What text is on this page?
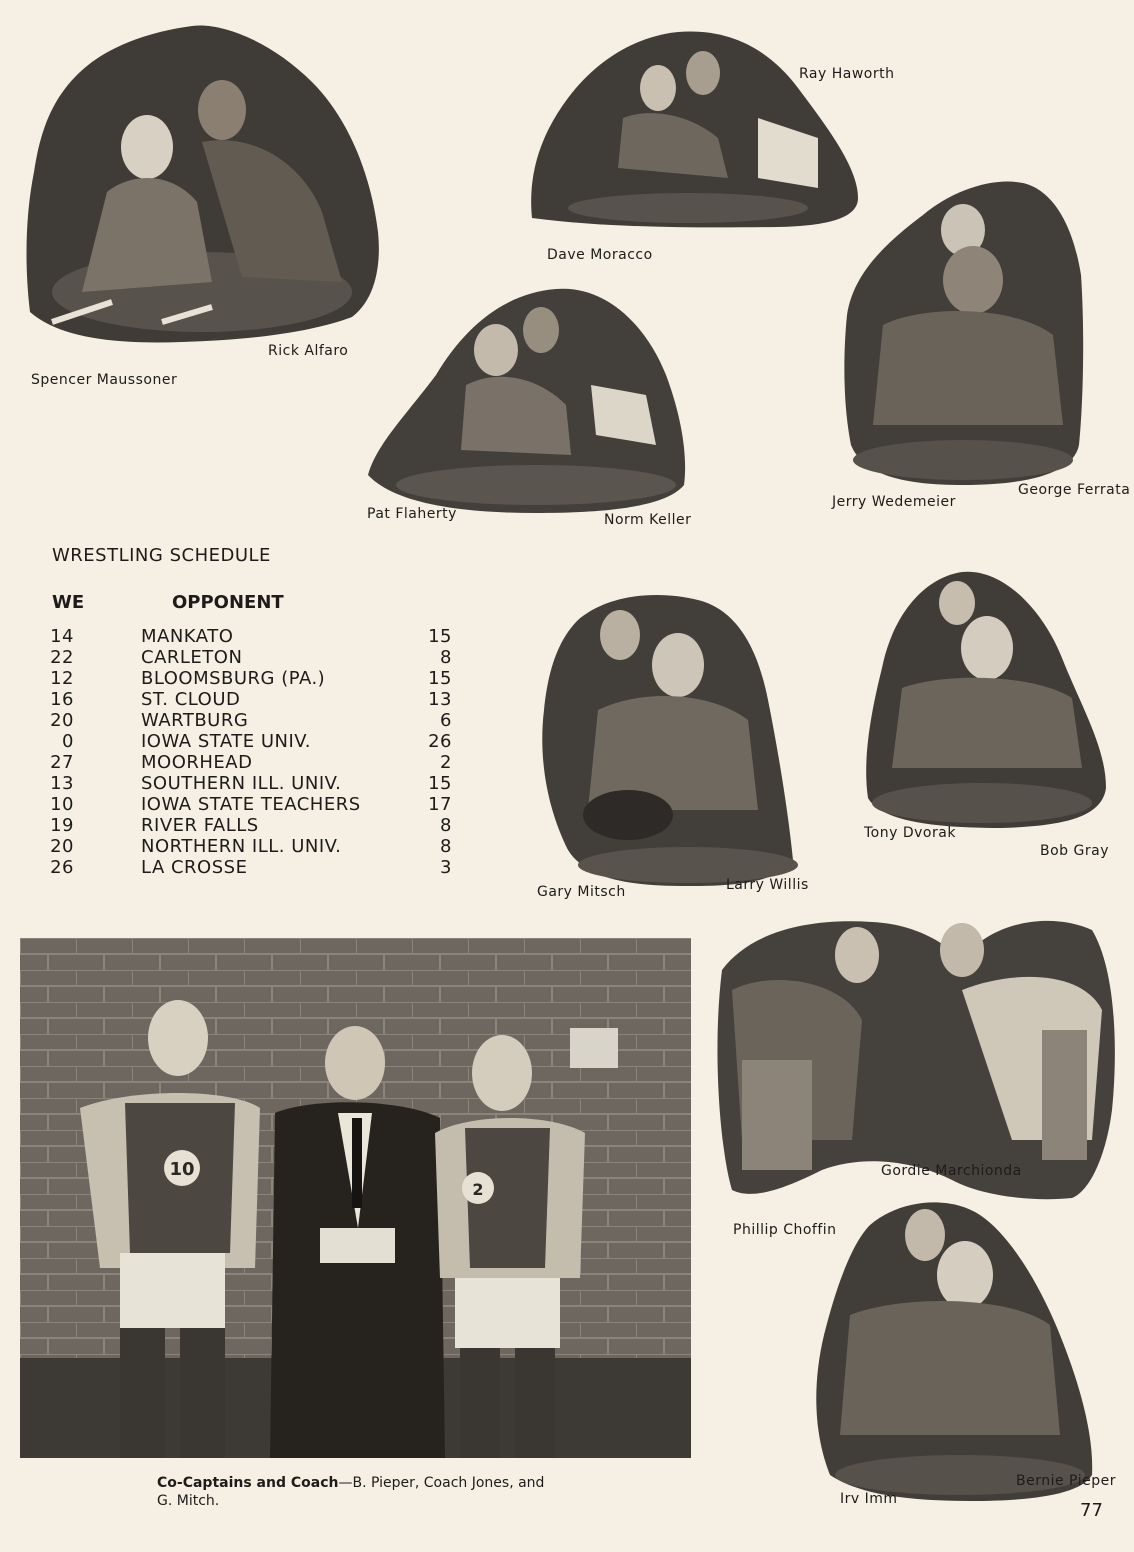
Spencer Maussoner
Rick Alfaro
Ray Haworth
Dave Moracco
Pat Flaherty	Norm Keller
Jerry Wedemeier
George Ferrata
WRESTLING SCHEDULE
WE	OPPONENT
14	MANKATO	15
22	CARLETON	8
12	BLOOMSBURG (PA.)	15
16	ST. CLOUD	13
20	WARTBURG	6
0	IOWA STATE UNIV.	26
27	MOORHEAD	2
13	SOUTHERN ILL. UNIV.	15
10	IOWA STATE TEACHERS	17
19	RIVER FALLS	8
20	NORTHERN ILL. UNIV.	8
26	LA CROSSE	3
Gary Mitsch	Larry Willis
Tony Dvorak
Bob Gray
10
2
Co-Captains and Coach—B. Pieper, Coach Jones, and G. Mitch.
Gordie Marchionda
Phillip Choffin
Irv Imm
Bernie Pieper
77
